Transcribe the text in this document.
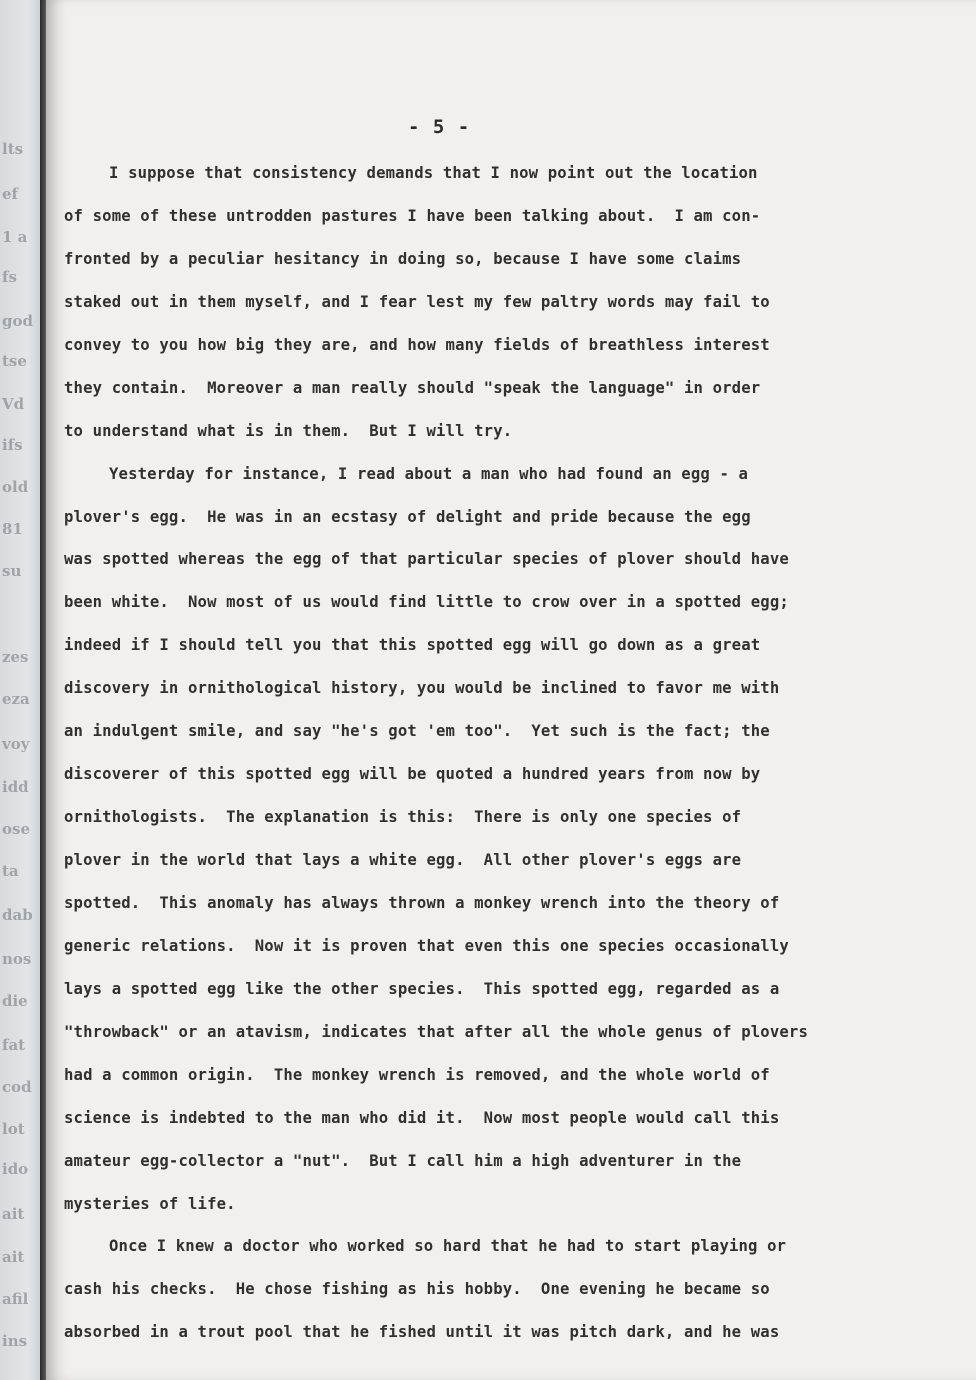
lts
ef
1 a
fs
god
tse
Vd
ifs
old
81
su
zes
eza
voy
idd
ose
ta
dab
nos
die
fat
cod
lot
ido
ait
ait
afil
ins
- 5 -
I suppose that consistency demands that I now point out the location
of some of these untrodden pastures I have been talking about.  I am con-
fronted by a peculiar hesitancy in doing so, because I have some claims
staked out in them myself, and I fear lest my few paltry words may fail to
convey to you how big they are, and how many fields of breathless interest
they contain.  Moreover a man really should "speak the language" in order
to understand what is in them.  But I will try.
Yesterday for instance, I read about a man who had found an egg - a
plover's egg.  He was in an ecstasy of delight and pride because the egg
was spotted whereas the egg of that particular species of plover should have
been white.  Now most of us would find little to crow over in a spotted egg;
indeed if I should tell you that this spotted egg will go down as a great
discovery in ornithological history, you would be inclined to favor me with
an indulgent smile, and say "he's got 'em too".  Yet such is the fact; the
discoverer of this spotted egg will be quoted a hundred years from now by
ornithologists.  The explanation is this:  There is only one species of
plover in the world that lays a white egg.  All other plover's eggs are
spotted.  This anomaly has always thrown a monkey wrench into the theory of
generic relations.  Now it is proven that even this one species occasionally
lays a spotted egg like the other species.  This spotted egg, regarded as a
"throwback" or an atavism, indicates that after all the whole genus of plovers
had a common origin.  The monkey wrench is removed, and the whole world of
science is indebted to the man who did it.  Now most people would call this
amateur egg-collector a "nut".  But I call him a high adventurer in the
mysteries of life.
Once I knew a doctor who worked so hard that he had to start playing or
cash his checks.  He chose fishing as his hobby.  One evening he became so
absorbed in a trout pool that he fished until it was pitch dark, and he was
